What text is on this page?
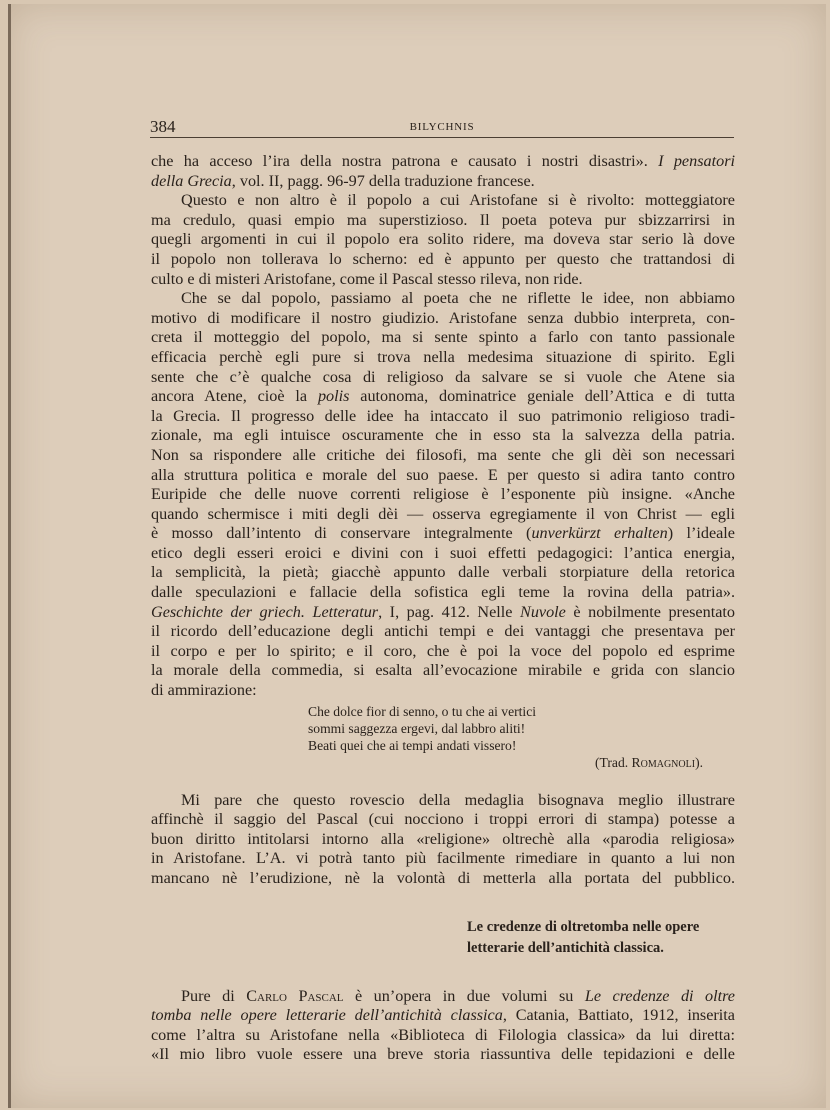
384	BILYCHNIS
che ha acceso l’ira della nostra patrona e causato i nostri disastri». I pensatori
della Grecia, vol. II, pagg. 96-97 della traduzione francese.
Questo e non altro è il popolo a cui Aristofane si è rivolto: motteggiatore
ma credulo, quasi empio ma superstizioso. Il poeta poteva pur sbizzarrirsi in
quegli argomenti in cui il popolo era solito ridere, ma doveva star serio là dove
il popolo non tollerava lo scherno: ed è appunto per questo che trattandosi di
culto e di misteri Aristofane, come il Pascal stesso rileva, non ride.
Che se dal popolo, passiamo al poeta che ne riflette le idee, non abbiamo
motivo di modificare il nostro giudizio. Aristofane senza dubbio interpreta, con-
creta il motteggio del popolo, ma si sente spinto a farlo con tanto passionale
efficacia perchè egli pure si trova nella medesima situazione di spirito. Egli
sente che c’è qualche cosa di religioso da salvare se si vuole che Atene sia
ancora Atene, cioè la polis autonoma, dominatrice geniale dell’Attica e di tutta
la Grecia. Il progresso delle idee ha intaccato il suo patrimonio religioso tradi-
zionale, ma egli intuisce oscuramente che in esso sta la salvezza della patria.
Non sa rispondere alle critiche dei filosofi, ma sente che gli dèi son necessari
alla struttura politica e morale del suo paese. E per questo si adira tanto contro
Euripide che delle nuove correnti religiose è l’esponente più insigne. «Anche
quando schermisce i miti degli dèi — osserva egregiamente il von Christ — egli
è mosso dall’intento di conservare integralmente (unverkürzt erhalten) l’ideale
etico degli esseri eroici e divini con i suoi effetti pedagogici: l’antica energia,
la semplicità, la pietà; giacchè appunto dalle verbali storpiature della retorica
dalle speculazioni e fallacie della sofistica egli teme la rovina della patria».
Geschichte der griech. Letteratur, I, pag. 412. Nelle Nuvole è nobilmente presentato
il ricordo dell’educazione degli antichi tempi e dei vantaggi che presentava per
il corpo e per lo spirito; e il coro, che è poi la voce del popolo ed esprime
la morale della commedia, si esalta all’evocazione mirabile e grida con slancio
di ammirazione:
Che dolce fior di senno, o tu che ai vertici
sommi saggezza ergevi, dal labbro aliti!
Beati quei che ai tempi andati vissero!
(Trad. Romagnoli).
Mi pare che questo rovescio della medaglia bisognava meglio illustrare
affinchè il saggio del Pascal (cui nocciono i troppi errori di stampa) potesse a
buon diritto intitolarsi intorno alla «religione» oltrechè alla «parodia religiosa»
in Aristofane. L’A. vi potrà tanto più facilmente rimediare in quanto a lui non
mancano nè l’erudizione, nè la volontà di metterla alla portata del pubblico.
Le credenze di oltretomba nelle opere
letterarie dell’antichità classica.
Pure di Carlo Pascal è un’opera in due volumi su Le credenze di oltre
tomba nelle opere letterarie dell’antichità classica, Catania, Battiato, 1912, inserita
come l’altra su Aristofane nella «Biblioteca di Filologia classica» da lui diretta:
«Il mio libro vuole essere una breve storia riassuntiva delle tepidazioni e delle
